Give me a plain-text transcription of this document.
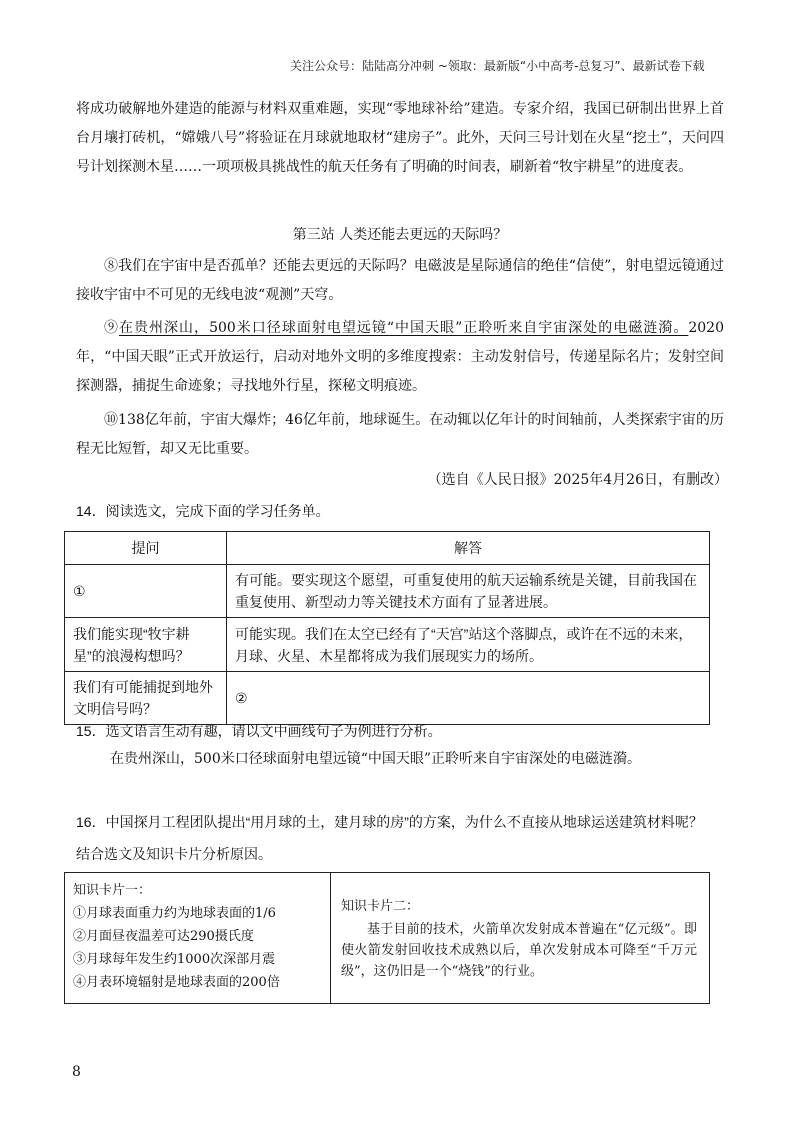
关注公众号：陆陆高分冲刺 ~领取：最新版“小中高考-总复习”、最新试卷下载
将成功破解地外建造的能源与材料双重难题，实现“零地球补给”建造。专家介绍，我国已研制出世界上首台月壤打砖机，“嫦娥八号”将验证在月球就地取材“建房子”。此外，天问三号计划在火星“挖土”，天问四号计划探测木星……一项项极具挑战性的航天任务有了明确的时间表，刷新着“牧宇耕星”的进度表。
第三站 人类还能去更远的天际吗？
⑧我们在宇宙中是否孤单？还能去更远的天际吗？电磁波是星际通信的绝佳“信使”，射电望远镜通过接收宇宙中不可见的无线电波“观测”天穹。
⑨在贵州深山，500米口径球面射电望远镜“中国天眼”正聆听来自宇宙深处的电磁涟漪。2020年，“中国天眼”正式开放运行，启动对地外文明的多维度搜索：主动发射信号，传递星际名片；发射空间探测器，捕捉生命迹象；寻找地外行星，探秘文明痕迹。
⑩138亿年前，宇宙大爆炸；46亿年前，地球诞生。在动辄以亿年计的时间轴前，人类探索宇宙的历程无比短暂，却又无比重要。
（选自《人民日报》2025年4月26日，有删改）
14．阅读选文，完成下面的学习任务单。
提问	解答
①	有可能。要实现这个愿望，可重复使用的航天运输系统是关键，目前我国在重复使用、新型动力等关键技术方面有了显著进展。
我们能实现“牧宇耕星”的浪漫构想吗？	可能实现。我们在太空已经有了“天宫”站这个落脚点，或许在不远的未来，月球、火星、木星都将成为我们展现实力的场所。
我们有可能捕捉到地外文明信号吗？	②
15．选文语言生动有趣，请以文中画线句子为例进行分析。
在贵州深山，500米口径球面射电望远镜“中国天眼”正聆听来自宇宙深处的电磁涟漪。
16．中国探月工程团队提出“用月球的土，建月球的房”的方案，为什么不直接从地球运送建筑材料呢？
结合选文及知识卡片分析原因。
知识卡片一：
①月球表面重力约为地球表面的1/6
②月面昼夜温差可达290摄氏度
③月球每年发生约1000次深部月震
④月表环境辐射是地球表面的200倍
知识卡片二：
基于目前的技术，火箭单次发射成本普遍在“亿元级”。即使火箭发射回收技术成熟以后，单次发射成本可降至“千万元级”，这仍旧是一个“烧钱”的行业。
8
